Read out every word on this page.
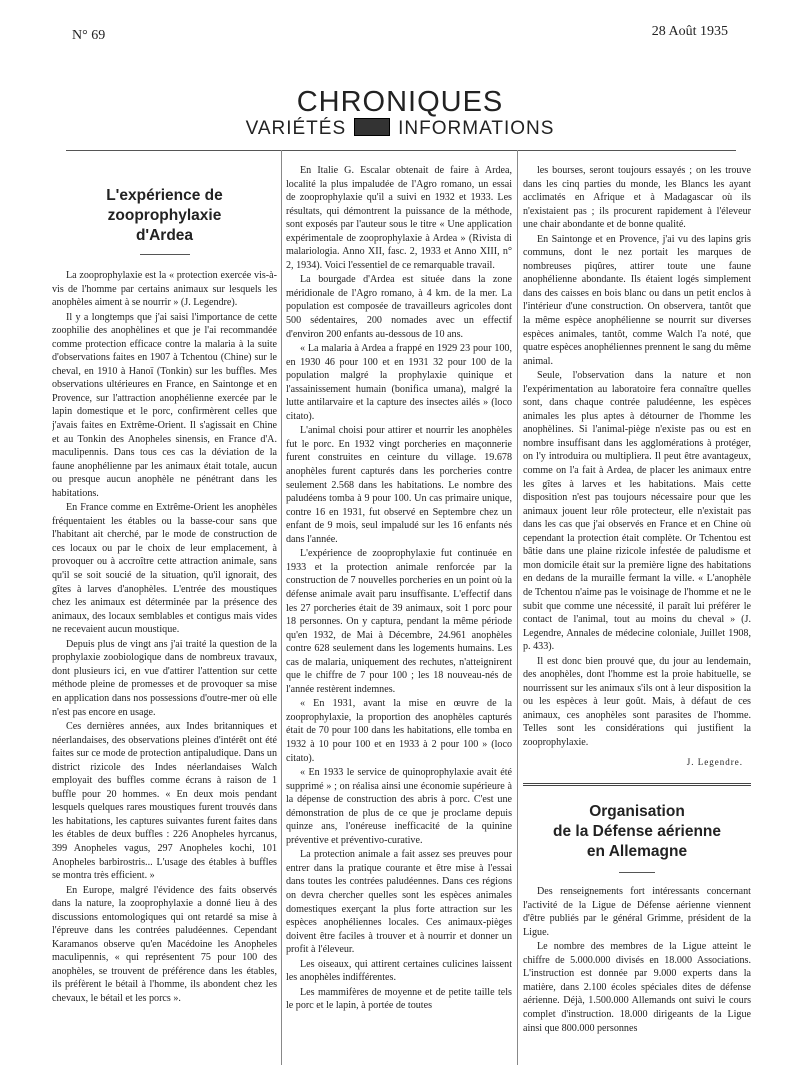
N° 69	28 Août 1935
CHRONIQUES
VARIÉTÉS	INFORMATIONS
L'expérience de zooprophylaxie
d'Ardea

La zooprophylaxie est la « protection exercée vis-à-vis de l'homme par certains animaux sur lesquels les anophèles aiment à se nourrir » (J. Legendre).

Il y a longtemps que j'ai saisi l'importance de cette zoophilie des anophèlines et que je l'ai recommandée comme protection efficace contre la malaria à la suite d'observations faites en 1907 à Tchentou (Chine) sur le cheval, en 1910 à Hanoï (Tonkin) sur les buffles. Mes observations ultérieures en France, en Saintonge et en Provence, sur l'attraction anophélienne exercée par le lapin domestique et le porc, confirmèrent celles que j'avais faites en Extrême-Orient. Il s'agissait en Chine et au Tonkin des Anopheles sinensis, en France d'A. maculipennis. Dans tous ces cas la déviation de la faune anophélienne par les animaux était totale, aucun ou presque aucun anophèle ne pénétrant dans les habitations.

En France comme en Extrême-Orient les anophèles fréquentaient les étables ou la basse-cour sans que l'habitant ait cherché, par le mode de construction de ces locaux ou par le choix de leur emplacement, à provoquer ou à accroître cette attraction animale, sans qu'il se soit soucié de la situation, qu'il ignorait, des gîtes à larves d'anophèles. L'entrée des moustiques chez les animaux est déterminée par la présence des animaux, des locaux semblables et contigus mais vides ne recevaient aucun moustique.

Depuis plus de vingt ans j'ai traité la question de la prophylaxie zoobiologique dans de nombreux travaux, dont plusieurs ici, en vue d'attirer l'attention sur cette méthode pleine de promesses et de provoquer sa mise en application dans nos possessions d'outre-mer où elle n'est pas encore en usage.

Ces dernières années, aux Indes britanniques et néerlandaises, des observations pleines d'intérêt ont été faites sur ce mode de protection antipaludique. Dans un district rizicole des Indes néerlandaises Walch employait des buffles comme écrans à raison de 1 buffle pour 20 hommes. « En deux mois pendant lesquels quelques rares moustiques furent trouvés dans les habitations, les captures suivantes furent faites dans les étables de deux buffles : 226 Anopheles hyrcanus, 399 Anopheles vagus, 297 Anopheles kochi, 101 Anopheles barbirostris... L'usage des étables à buffles se montra très efficient. »

En Europe, malgré l'évidence des faits observés dans la nature, la zooprophylaxie a donné lieu à des discussions entomologiques qui ont retardé sa mise à l'épreuve dans les contrées paludéennes. Cependant Karamanos observe qu'en Macédoine les Anopheles maculipennis, « qui représentent 75 pour 100 des anophèles, se trouvent de préférence dans les étables, ils préfèrent le bétail à l'homme, ils abondent chez les chevaux, le bétail et les porcs ».

En Italie G. Escalar obtenait de faire à Ardea, localité la plus impaludée de l'Agro romano, un essai de zooprophylaxie qu'il a suivi en 1932 et 1933. Les résultats, qui démontrent la puissance de la méthode, sont exposés par l'auteur sous le titre « Une application expérimentale de zooprophylaxie à Ardea » (Rivista di malariologia. Anno XII, fasc. 2, 1933 et Anno XIII, n° 2, 1934). Voici l'essentiel de ce remarquable travail.

La bourgade d'Ardea est située dans la zone méridionale de l'Agro romano, à 4 km. de la mer. La population est composée de travailleurs agricoles dont 500 sédentaires, 200 nomades avec un effectif d'environ 200 enfants au-dessous de 10 ans.

« La malaria à Ardea a frappé en 1929 23 pour 100, en 1930 46 pour 100 et en 1931 32 pour 100 de la population malgré la prophylaxie quinique et l'assainissement humain (bonifica umana), malgré la lutte antilarvaire et la capture des insectes ailés » (loco citato).

L'animal choisi pour attirer et nourrir les anophèles fut le porc. En 1932 vingt porcheries en maçonnerie furent construites en ceinture du village. 19.678 anophèles furent capturés dans les porcheries contre seulement 2.568 dans les habitations. Le nombre des paludéens tomba à 9 pour 100. Un cas primaire unique, contre 16 en 1931, fut observé en Septembre chez un enfant de 9 mois, seul impaludé sur les 16 enfants nés dans l'année.

L'expérience de zooprophylaxie fut continuée en 1933 et la protection animale renforcée par la construction de 7 nouvelles porcheries en un point où la défense animale avait paru insuffisante. L'effectif dans les 27 porcheries était de 39 animaux, soit 1 porc pour 18 personnes. On y captura, pendant la même période qu'en 1932, de Mai à Décembre, 24.961 anophèles contre 628 seulement dans les logements humains. Les cas de malaria, uniquement des rechutes, n'atteignirent que le chiffre de 7 pour 100 ; les 18 nouveau-nés de l'année restèrent indemnes.

« En 1931, avant la mise en œuvre de la zooprophylaxie, la proportion des anophèles capturés était de 70 pour 100 dans les habitations, elle tomba en 1932 à 10 pour 100 et en 1933 à 2 pour 100 » (loco citato).

« En 1933 le service de quinoprophylaxie avait été supprimé » ; on réalisa ainsi une économie supérieure à la dépense de construction des abris à porc. C'est une démonstration de plus de ce que je proclame depuis quinze ans, l'onéreuse inefficacité de la quinine préventive et préventivo-curative.

La protection animale a fait assez ses preuves pour entrer dans la pratique courante et être mise à l'essai dans toutes les contrées paludéennes. Dans ces régions on devra chercher quelles sont les espèces animales domestiques exerçant la plus forte attraction sur les espèces anophéliennes locales. Ces animaux-pièges doivent être faciles à trouver et à nourrir et donner un profit à l'éleveur.

Les oiseaux, qui attirent certaines culicines laissent les anophèles indifférentes.

Les mammifères de moyenne et de petite taille tels le porc et le lapin, à portée de toutes

les bourses, seront toujours essayés ; on les trouve dans les cinq parties du monde, les Blancs les ayant acclimatés en Afrique et à Madagascar où ils n'existaient pas ; ils procurent rapidement à l'éleveur une chair abondante et de bonne qualité.

En Saintonge et en Provence, j'ai vu des lapins gris communs, dont le nez portait les marques de nombreuses piqûres, attirer toute une faune anophélienne abondante. Ils étaient logés simplement dans des caisses en bois blanc ou dans un petit enclos à l'intérieur d'une construction. On observera, tantôt que la même espèce anophélienne se nourrit sur diverses espèces animales, tantôt, comme Walch l'a noté, que quatre espèces anophéliennes prennent le sang du même animal.

Seule, l'observation dans la nature et non l'expérimentation au laboratoire fera connaître quelles sont, dans chaque contrée paludéenne, les espèces animales les plus aptes à détourner de l'homme les anophèlines. Si l'animal-piège n'existe pas ou est en nombre insuffisant dans les agglomérations à protéger, on l'y introduira ou multipliera. Il peut être avantageux, comme on l'a fait à Ardea, de placer les animaux entre les gîtes à larves et les habitations. Mais cette disposition n'est pas toujours nécessaire pour que les animaux jouent leur rôle protecteur, elle n'existait pas dans les cas que j'ai observés en France et en Chine où cependant la protection était complète. Or Tchentou est bâtie dans une plaine rizicole infestée de paludisme et mon domicile était sur la première ligne des habitations en dedans de la muraille fermant la ville. « L'anophèle de Tchentou n'aime pas le voisinage de l'homme et ne le subit que comme une nécessité, il paraît lui préférer le contact de l'animal, tout au moins du cheval » (J. Legendre, Annales de médecine coloniale, Juillet 1908, p. 433).

Il est donc bien prouvé que, du jour au lendemain, des anophèles, dont l'homme est la proie habituelle, se nourrissent sur les animaux s'ils ont à leur disposition la ou les espèces à leur goût. Mais, à défaut de ces animaux, ces anophèles sont parasites de l'homme. Telles sont les considérations qui justifient la zooprophylaxie.

J. Legendre.
Organisation
de la Défense aérienne
en Allemagne

Des renseignements fort intéressants concernant l'activité de la Ligue de Défense aérienne viennent d'être publiés par le général Grimme, président de la Ligue.

Le nombre des membres de la Ligue atteint le chiffre de 5.000.000 divisés en 18.000 Associations. L'instruction est donnée par 9.000 experts dans la matière, dans 2.100 écoles spéciales dites de défense aérienne. Déjà, 1.500.000 Allemands ont suivi le cours complet d'instruction. 18.000 dirigeants de la Ligue ainsi que 800.000 personnes
